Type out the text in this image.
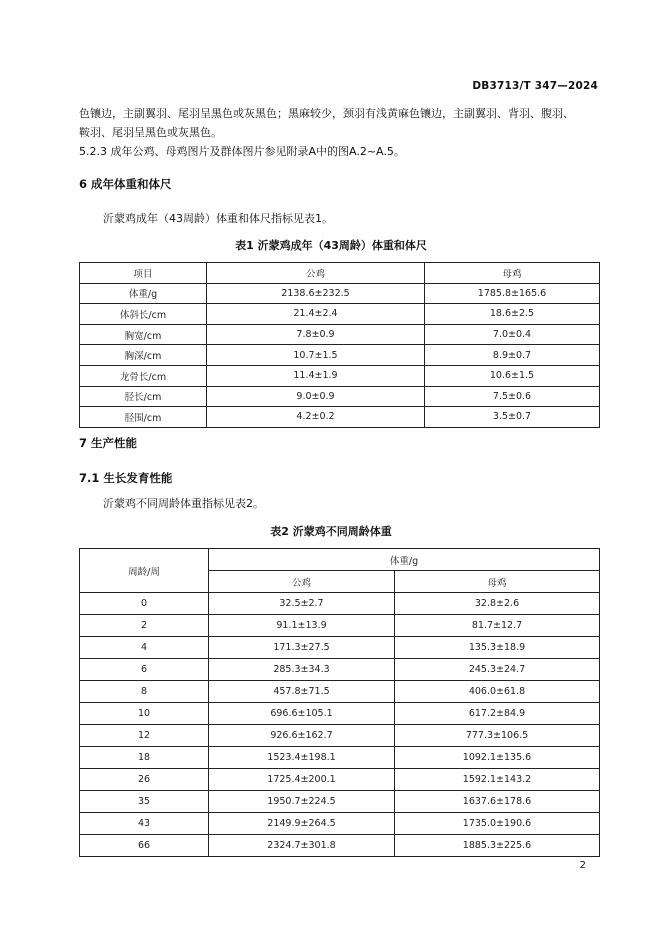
DB3713/T 347—2024
色镶边，主副翼羽、尾羽呈黑色或灰黑色；黑麻较少，颈羽有浅黄麻色镶边，主副翼羽、背羽、腹羽、
鞍羽、尾羽呈黑色或灰黑色。
5.2.3 成年公鸡、母鸡图片及群体图片参见附录A中的图A.2~A.5。
6 成年体重和体尺
沂蒙鸡成年（43周龄）体重和体尺指标见表1。
表1 沂蒙鸡成年（43周龄）体重和体尺
项目	公鸡	母鸡
体重/g	2138.6±232.5	1785.8±165.6
体斜长/cm	21.4±2.4	18.6±2.5
胸宽/cm	7.8±0.9	7.0±0.4
胸深/cm	10.7±1.5	8.9±0.7
龙骨长/cm	11.4±1.9	10.6±1.5
胫长/cm	9.0±0.9	7.5±0.6
胫围/cm	4.2±0.2	3.5±0.7
7 生产性能
7.1 生长发育性能
沂蒙鸡不同周龄体重指标见表2。
表2 沂蒙鸡不同周龄体重
周龄/周	体重/g	
	公鸡	母鸡
0	32.5±2.7	32.8±2.6
2	91.1±13.9	81.7±12.7
4	171.3±27.5	135.3±18.9
6	285.3±34.3	245.3±24.7
8	457.8±71.5	406.0±61.8
10	696.6±105.1	617.2±84.9
12	926.6±162.7	777.3±106.5
18	1523.4±198.1	1092.1±135.6
26	1725.4±200.1	1592.1±143.2
35	1950.7±224.5	1637.6±178.6
43	2149.9±264.5	1735.0±190.6
66	2324.7±301.8	1885.3±225.6
2
